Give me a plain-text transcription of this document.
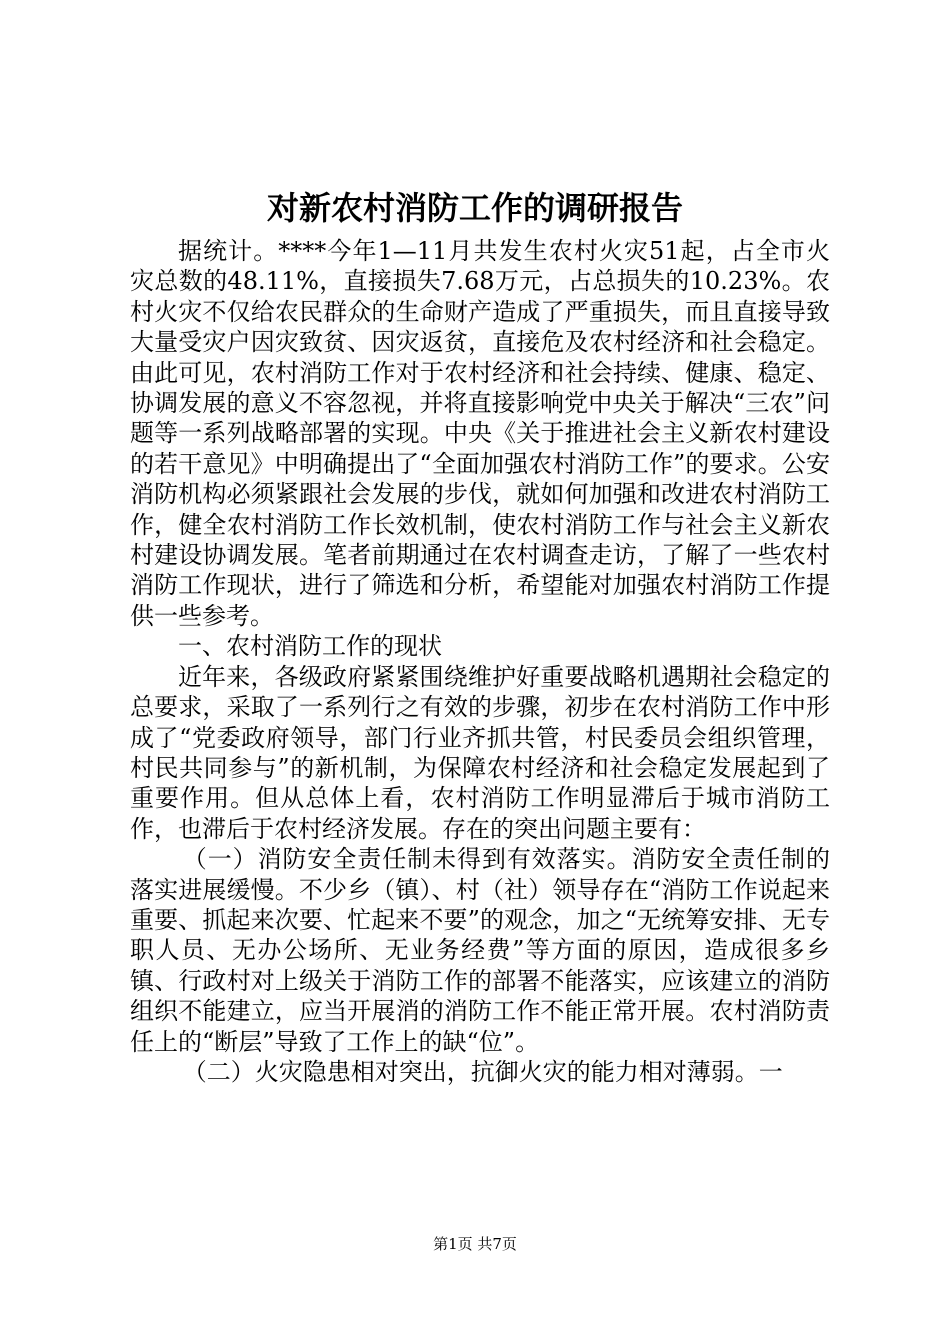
对新农村消防工作的调研报告

据统计。****今年1—11月共发生农村火灾51起，占全市火灾总数的48.11%，直接损失7.68万元，占总损失的10.23%。农村火灾不仅给农民群众的生命财产造成了严重损失，而且直接导致大量受灾户因灾致贫、因灾返贫，直接危及农村经济和社会稳定。由此可见，农村消防工作对于农村经济和社会持续、健康、稳定、协调发展的意义不容忽视，并将直接影响党中央关于解决“三农”问题等一系列战略部署的实现。中央《关于推进社会主义新农村建设的若干意见》中明确提出了“全面加强农村消防工作”的要求。公安消防机构必须紧跟社会发展的步伐，就如何加强和改进农村消防工作，健全农村消防工作长效机制，使农村消防工作与社会主义新农村建设协调发展。笔者前期通过在农村调查走访，了解了一些农村消防工作现状，进行了筛选和分析，希望能对加强农村消防工作提供一些参考。

一、农村消防工作的现状

近年来，各级政府紧紧围绕维护好重要战略机遇期社会稳定的总要求，采取了一系列行之有效的步骤，初步在农村消防工作中形成了“党委政府领导，部门行业齐抓共管，村民委员会组织管理，村民共同参与”的新机制，为保障农村经济和社会稳定发展起到了重要作用。但从总体上看，农村消防工作明显滞后于城市消防工作，也滞后于农村经济发展。存在的突出问题主要有：

（一）消防安全责任制未得到有效落实。消防安全责任制的落实进展缓慢。不少乡（镇）、村（社）领导存在“消防工作说起来重要、抓起来次要、忙起来不要”的观念，加之“无统筹安排、无专职人员、无办公场所、无业务经费”等方面的原因，造成很多乡镇、行政村对上级关于消防工作的部署不能落实，应该建立的消防组织不能建立，应当开展消的消防工作不能正常开展。农村消防责任上的“断层”导致了工作上的缺“位”。

（二）火灾隐患相对突出，抗御火灾的能力相对薄弱。一

第1页 共7页
